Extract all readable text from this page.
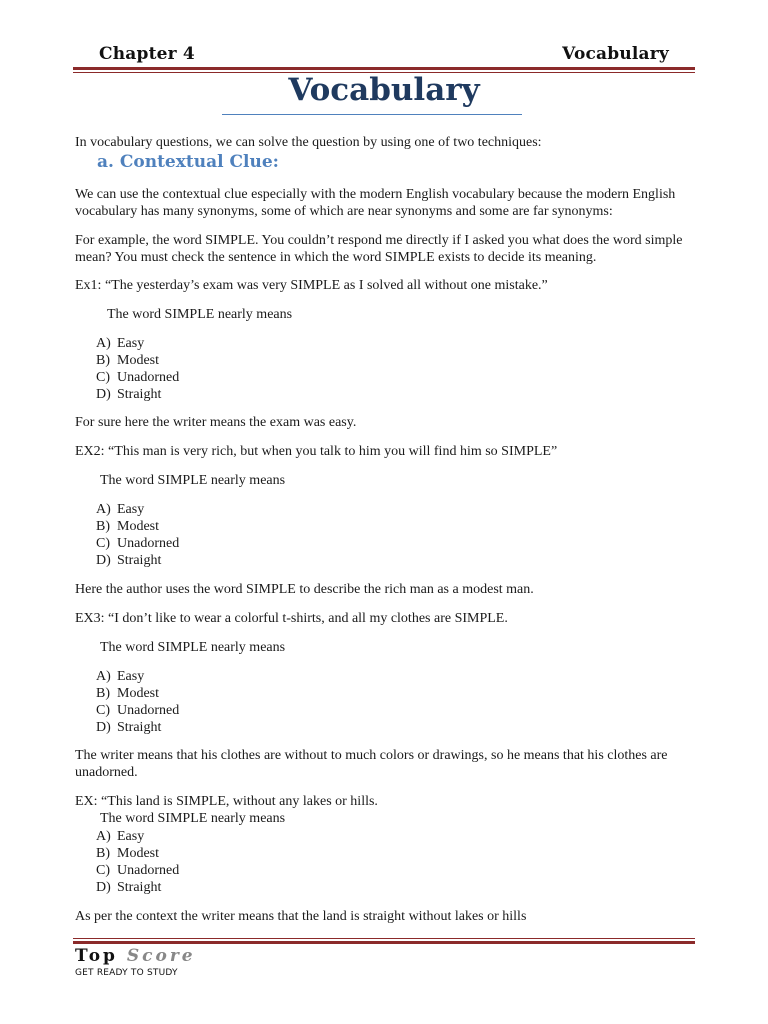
Chapter 4	Vocabulary
Vocabulary

In vocabulary questions, we can solve the question by using one of two techniques:

a. Contextual Clue:

We can use the contextual clue especially with the modern English vocabulary because the modern English vocabulary has many synonyms, some of which are near synonyms and some are far synonyms:

For example, the word SIMPLE. You couldn’t respond me directly if I asked you what does the word simple mean? You must check the sentence in which the word SIMPLE exists to decide its meaning.

Ex1: “The yesterday’s exam was very SIMPLE as I solved all without one mistake.”

The word SIMPLE nearly means

A) Easy
B) Modest
C) Unadorned
D) Straight

For sure here the writer means the exam was easy.

EX2: “This man is very rich, but when you talk to him you will find him so SIMPLE”

The word SIMPLE nearly means

A) Easy
B) Modest
C) Unadorned
D) Straight

Here the author uses the word SIMPLE to describe the rich man as a modest man.

EX3: “I don’t like to wear a colorful t-shirts, and all my clothes are SIMPLE.

The word SIMPLE nearly means

A) Easy
B) Modest
C) Unadorned
D) Straight

The writer means that his clothes are without to much colors or drawings, so he means that his clothes are unadorned.

EX: “This land is SIMPLE, without any lakes or hills.

The word SIMPLE nearly means

A) Easy
B) Modest
C) Unadorned
D) Straight

As per the context the writer means that the land is straight without lakes or hills

Top Score
GET READY TO STUDY
